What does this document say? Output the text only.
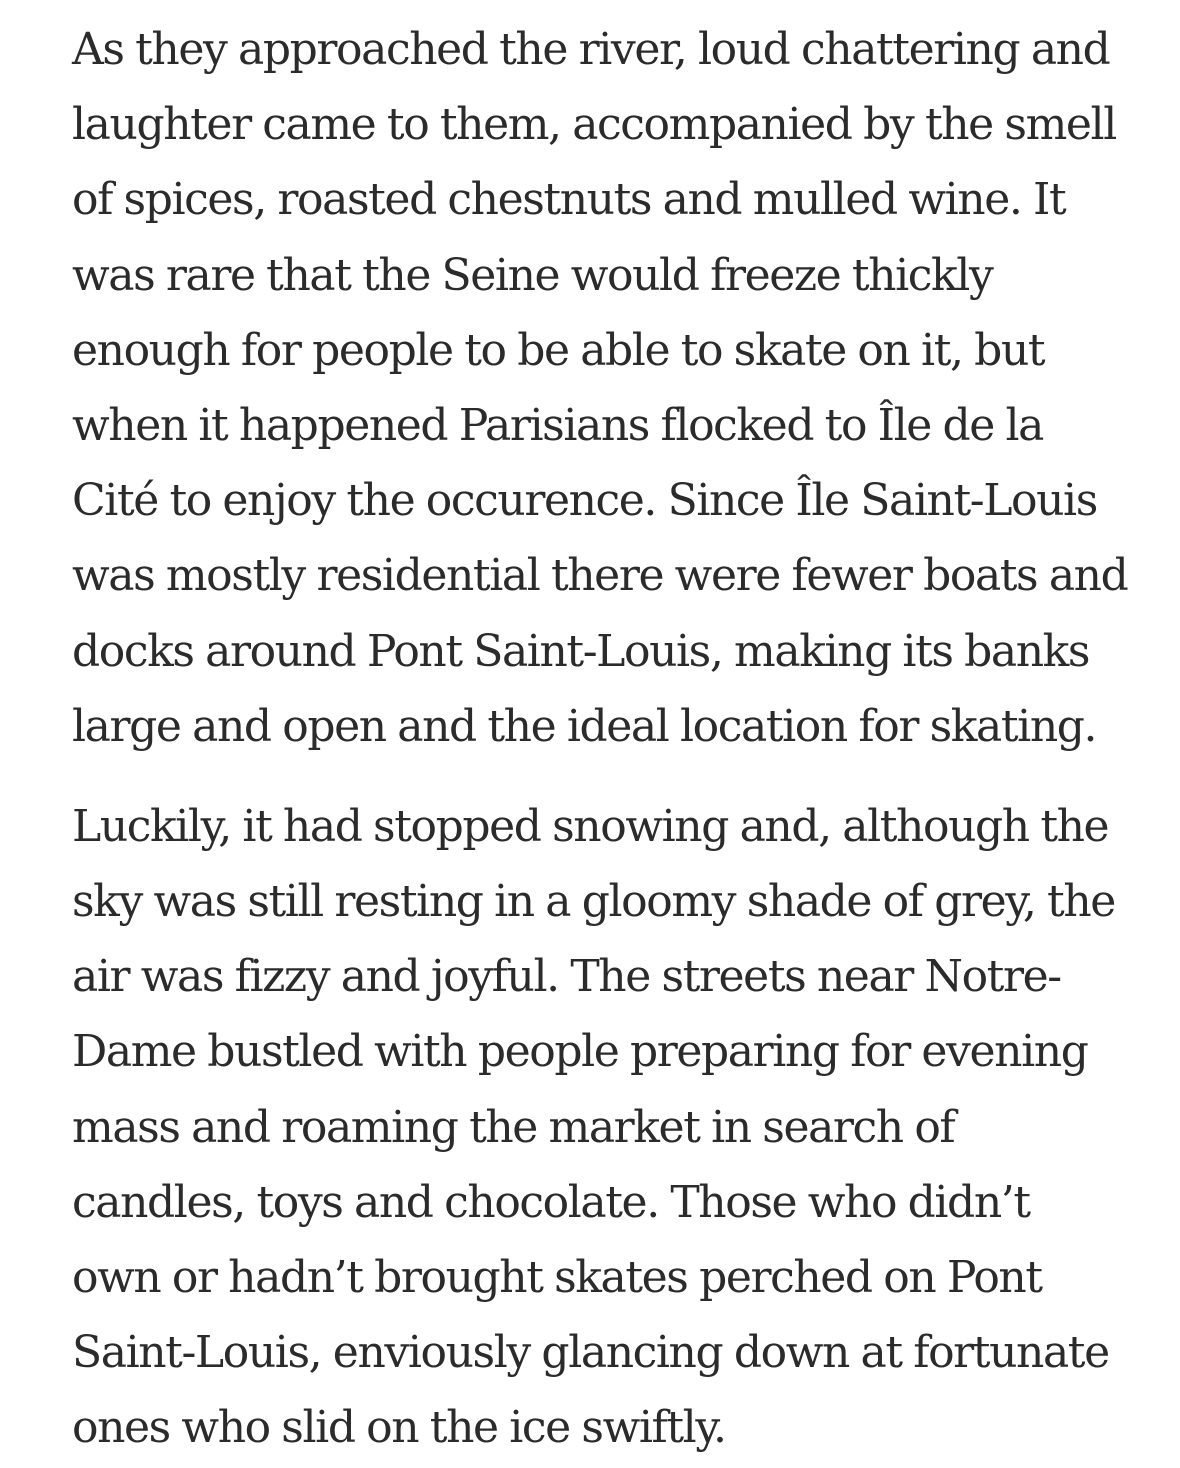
As they approached the river, loud chattering and
laughter came to them, accompanied by the smell
of spices, roasted chestnuts and mulled wine. It
was rare that the Seine would freeze thickly
enough for people to be able to skate on it, but
when it happened Parisians flocked to Île de la
Cité to enjoy the occurence. Since Île Saint-Louis
was mostly residential there were fewer boats and
docks around Pont Saint-Louis, making its banks
large and open and the ideal location for skating.

Luckily, it had stopped snowing and, although the
sky was still resting in a gloomy shade of grey, the
air was fizzy and joyful. The streets near Notre-
Dame bustled with people preparing for evening
mass and roaming the market in search of
candles, toys and chocolate. Those who didn’t
own or hadn’t brought skates perched on Pont
Saint-Louis, enviously glancing down at fortunate
ones who slid on the ice swiftly.
